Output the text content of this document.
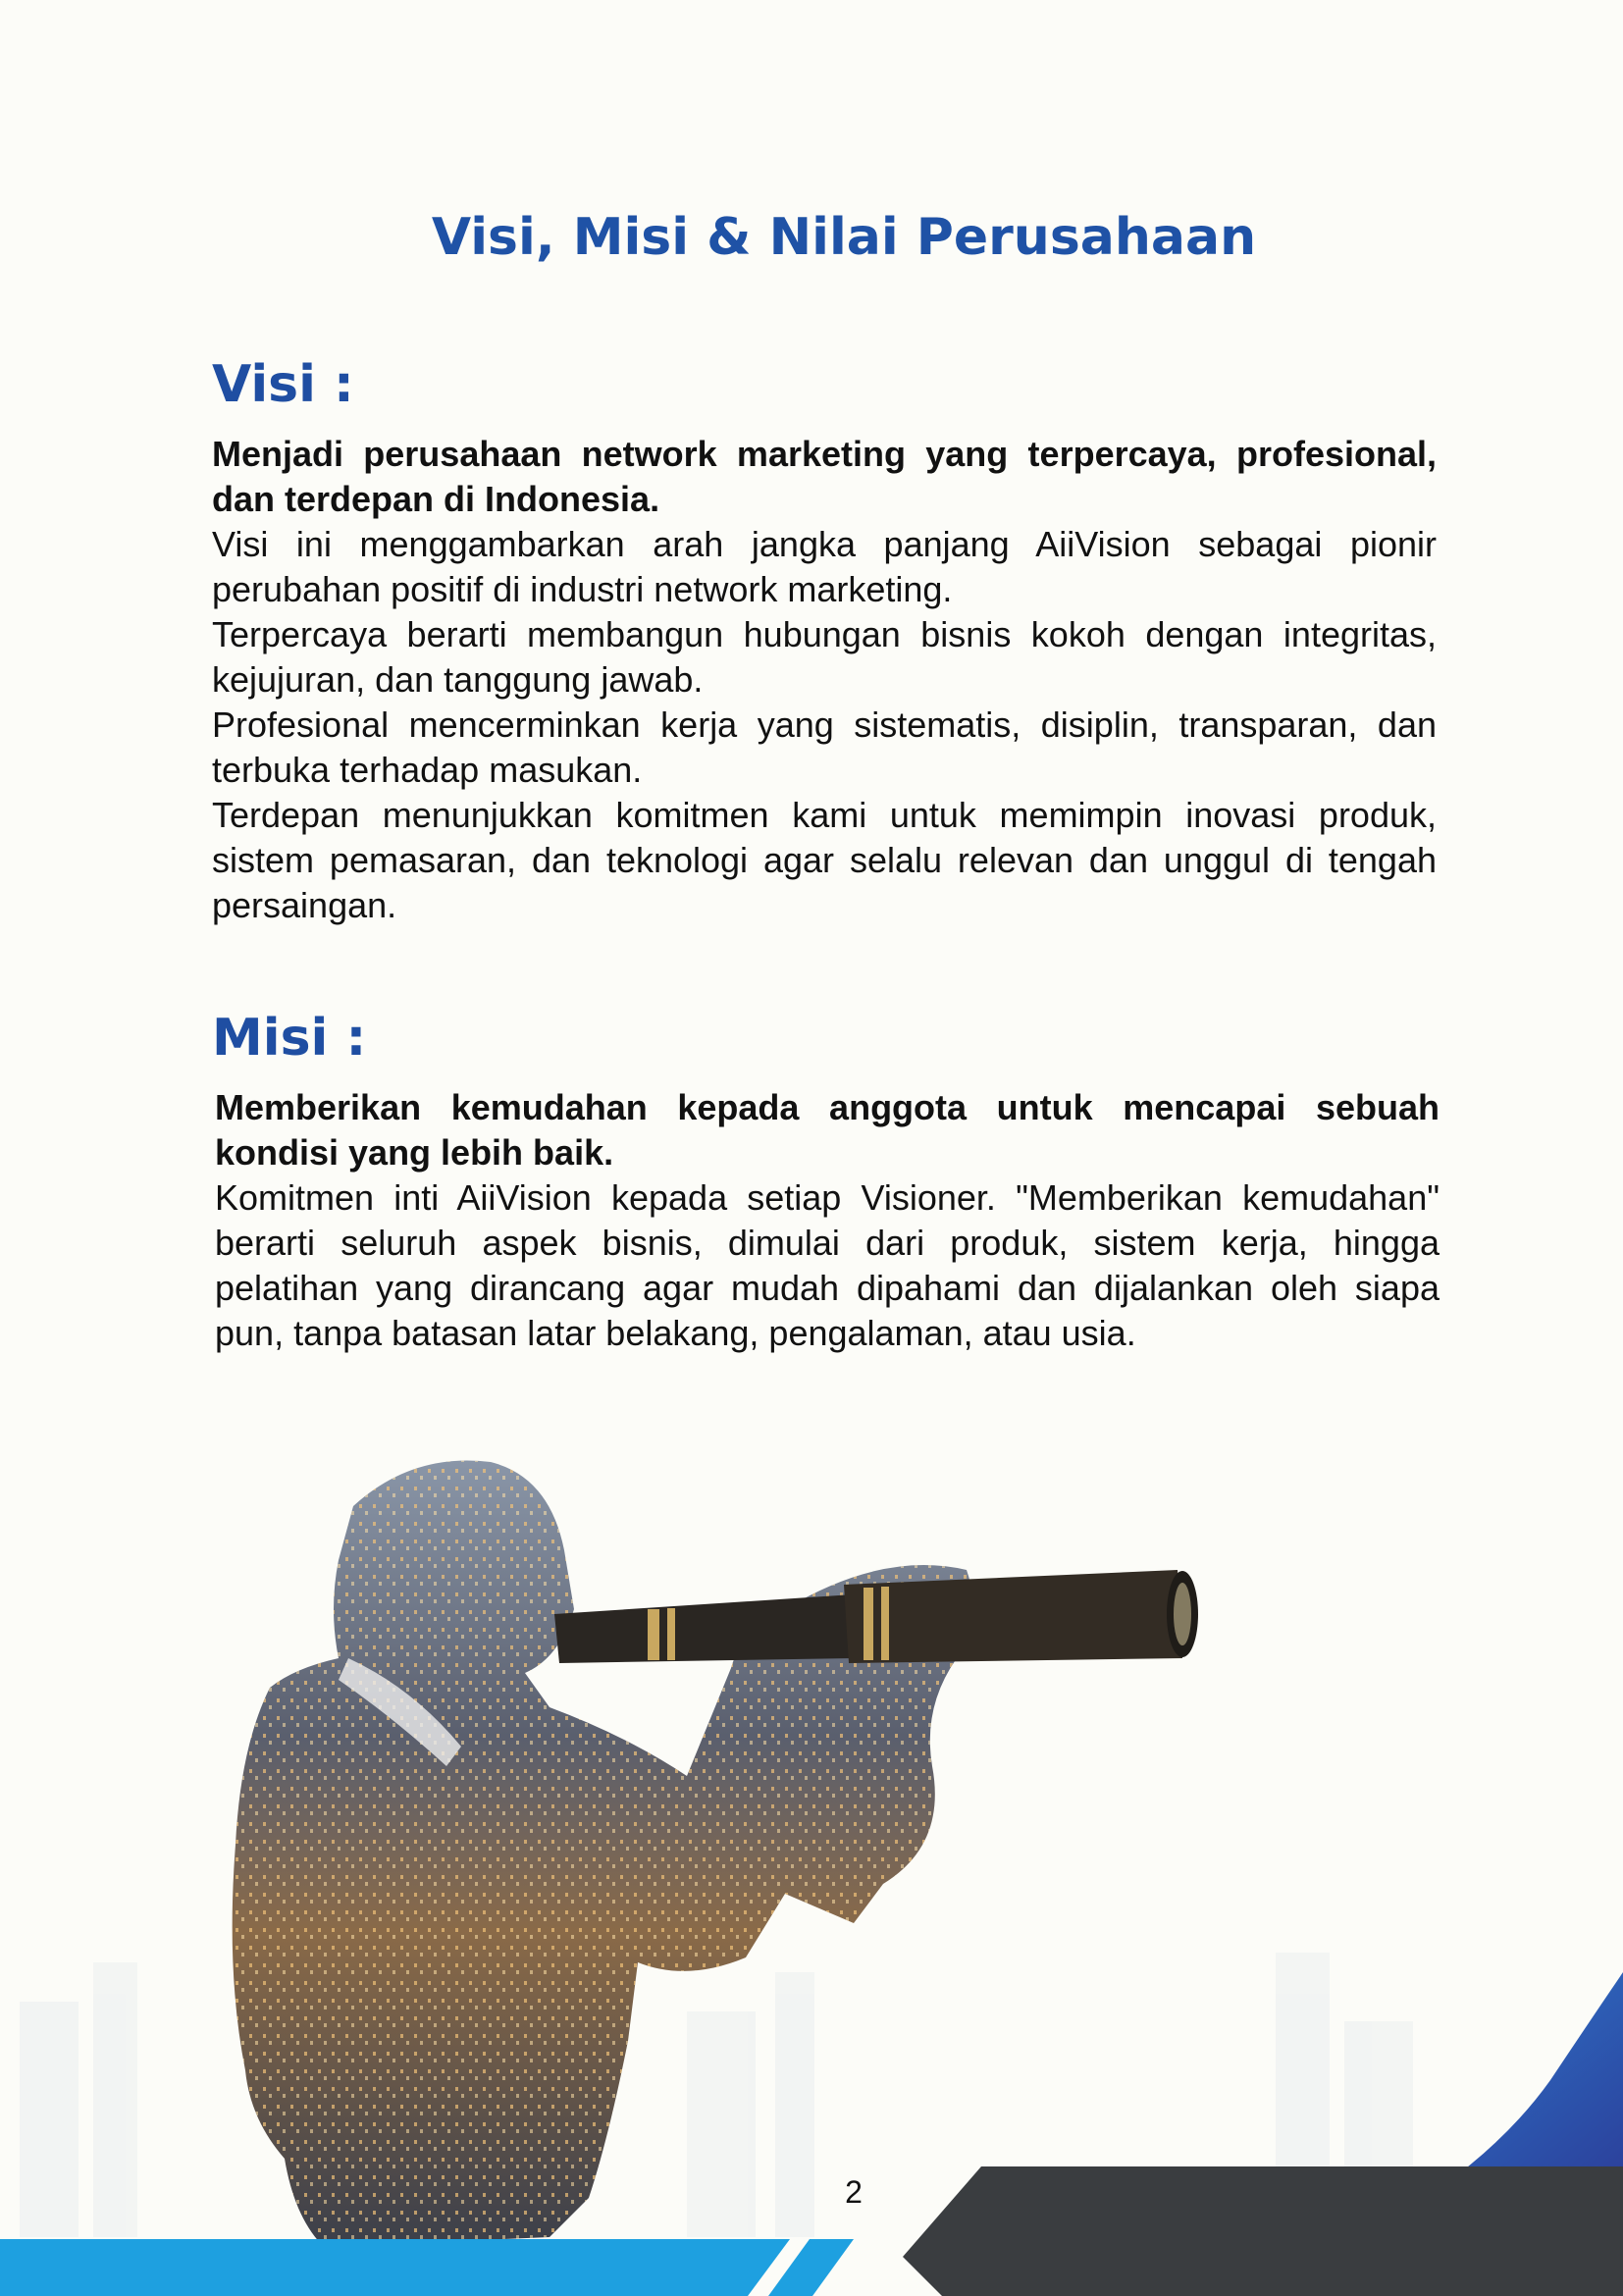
Visi, Misi & Nilai Perusahaan
Visi :

Menjadi perusahaan network marketing yang terpercaya, profesional, dan terdepan di Indonesia.

Visi ini menggambarkan arah jangka panjang AiiVision sebagai pionir perubahan positif di industri network marketing.

Terpercaya berarti membangun hubungan bisnis kokoh dengan integritas, kejujuran, dan tanggung jawab.

Profesional mencerminkan kerja yang sistematis, disiplin, transparan, dan terbuka terhadap masukan.

Terdepan menunjukkan komitmen kami untuk memimpin inovasi produk, sistem pemasaran, dan teknologi agar selalu relevan dan unggul di tengah persaingan.

Misi :

Memberikan kemudahan kepada anggota untuk mencapai sebuah kondisi yang lebih baik.

Komitmen inti AiiVision kepada setiap Visioner. "Memberikan kemudahan" berarti seluruh aspek bisnis, dimulai dari produk, sistem kerja, hingga pelatihan yang dirancang agar mudah dipahami dan dijalankan oleh siapa pun, tanpa batasan latar belakang, pengalaman, atau usia.

2
